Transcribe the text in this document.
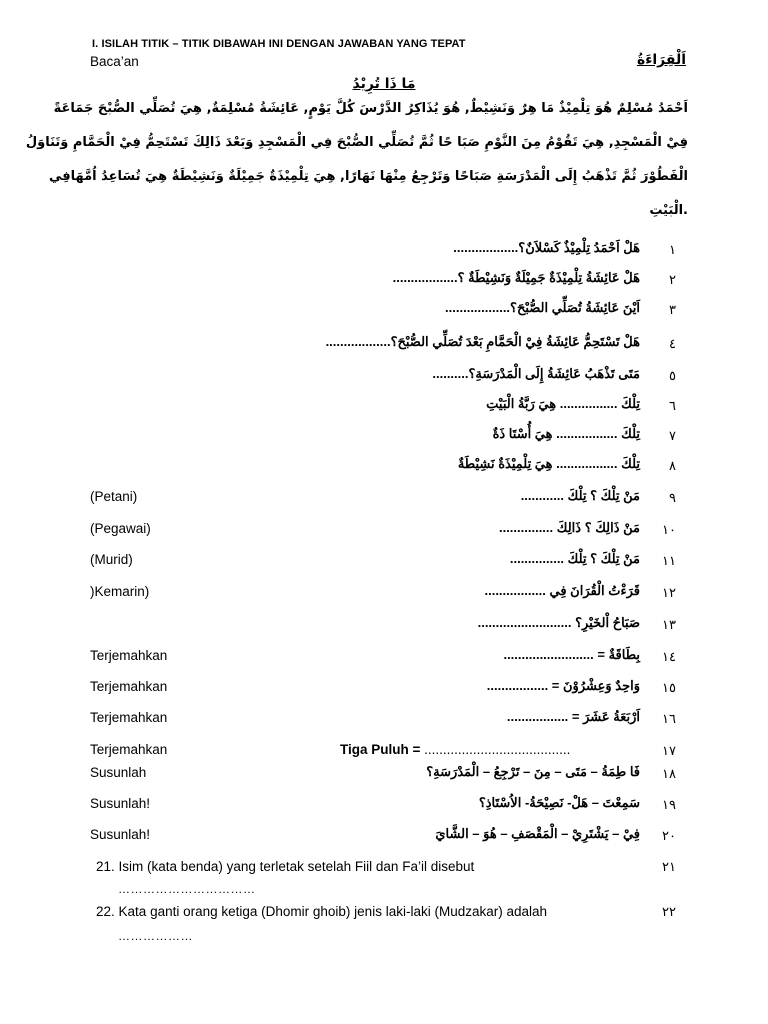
I. ISILAH TITIK – TITIK DIBAWAH INI DENGAN JAWABAN YANG TEPAT
Baca’an	اَلْقِرَاءَةُ
مَا ذَا تُرِيْدُ
اَحْمَدُ مُسْلِمٌ هُوَ تِلْمِيْذٌ مَا هِرٌ وَنَشِيْطٌ, هُوَ يُذَاكِرُ الدَّرْسَ كُلَّ يَوْمٍ, عَائِشَةُ مُسْلِمَةٌ, هِيَ تُصَلِّي الصُّبْحَ جَمَاعَةً
فِيْ الْمَسْجِدِ, هِيَ تَقُوْمُ مِنَ النَّوْمِ صَبَا حًا ثُمَّ تُصَلِّي الصُّبْحَ فِي الْمَسْجِدِ وَبَعْدَ ذَالِكَ تَسْتَحِمُّ فِيْ الْحَمَّامِ وَتَنَاوَلُ
الْفَطُوْرَ ثُمَّ تَذْهَبُ إِلَى الْمَدْرَسَةِ صَبَاحًا وَتَرْجِعُ مِنْهَا نَهَارًا, هِيَ تِلْمِيْذَةٌ جَمِيْلَةٌ وَنَشِيْطَةٌ هِيَ تُسَاعِدُ اُمَّهَافِي
.الْبَيْتِ
١
هَلْ اَحْمَدُ تِلْمِيْذٌ كَسْلاَنٌ؟..................
٢
هَلْ عَائِشَةُ تِلْمِيْذَةٌ جَمِيْلَةٌ وَنَشِيْطَةٌ ؟..................
٣
اَيْنَ عَائِشَةُ تُصَلِّي الصُّبْحَ؟..................
٤
هَلْ تَسْتَحِمُّ عَائِشَةُ فِيْ الْحَمَّامِ بَعْدَ تُصَلِّي الصُّبْحَ؟..................
٥
مَتَى تَذْهَبُ عَائِشَةُ إِلَى الْمَدْرَسَةِ؟..........
٦
تِلْكَ ................ هِيَ رَبَّةُ الْبَيْتِ
٧
تِلْكَ ................. هِيَ أُسْتَا ذَةٌ
٨
تِلْكَ ................. هِيَ تِلْمِيْذَةٌ نَشِيْطَةٌ
٩
مَنْ تِلْكَ ؟ تِلْكَ ............
(Petani)
١٠
مَنْ ذَالِكَ ؟ ذَالِكَ ...............
(Pegawai)
١١
مَنْ تِلْكَ ؟ تِلْكَ ...............
(Murid)
١٢
قَرَءْتُ الْقُرَانَ فِي .................
)Kemarin)
١٣
صَبَاحُ اْلخَيْرِ؟ ..........................
١٤
بِطَاقَةٌ = .........................
Terjemahkan
١٥
وَاحِدٌ وَعِشْرُوْنَ = .................
Terjemahkan
١٦
اَرْبَعَةُ عَشَرَ = .................
Terjemahkan
١٧
Terjemahkan	Tiga Puluh = .......................................
١٨
فَا طِمَةُ – مَتَى – مِنَ – تَرْجِعُ – الْمَدْرَسَةِ؟
Susunlah
١٩
سَمِعْتَ – هَلْ- نَصِيْحَةُ- الاُسْتَاذِ؟
Susunlah!
٢٠
فِيْ – يَشْتَرِيْ – الْمَقْصَفِ – هُوَ – الشَّايَ
Susunlah!
21. Isim (kata benda) yang terletak setelah Fiil dan Fa’il disebut
……………………………
٢١
22. Kata ganti orang ketiga (Dhomir ghoib) jenis laki-laki (Mudzakar) adalah
………………
٢٢
